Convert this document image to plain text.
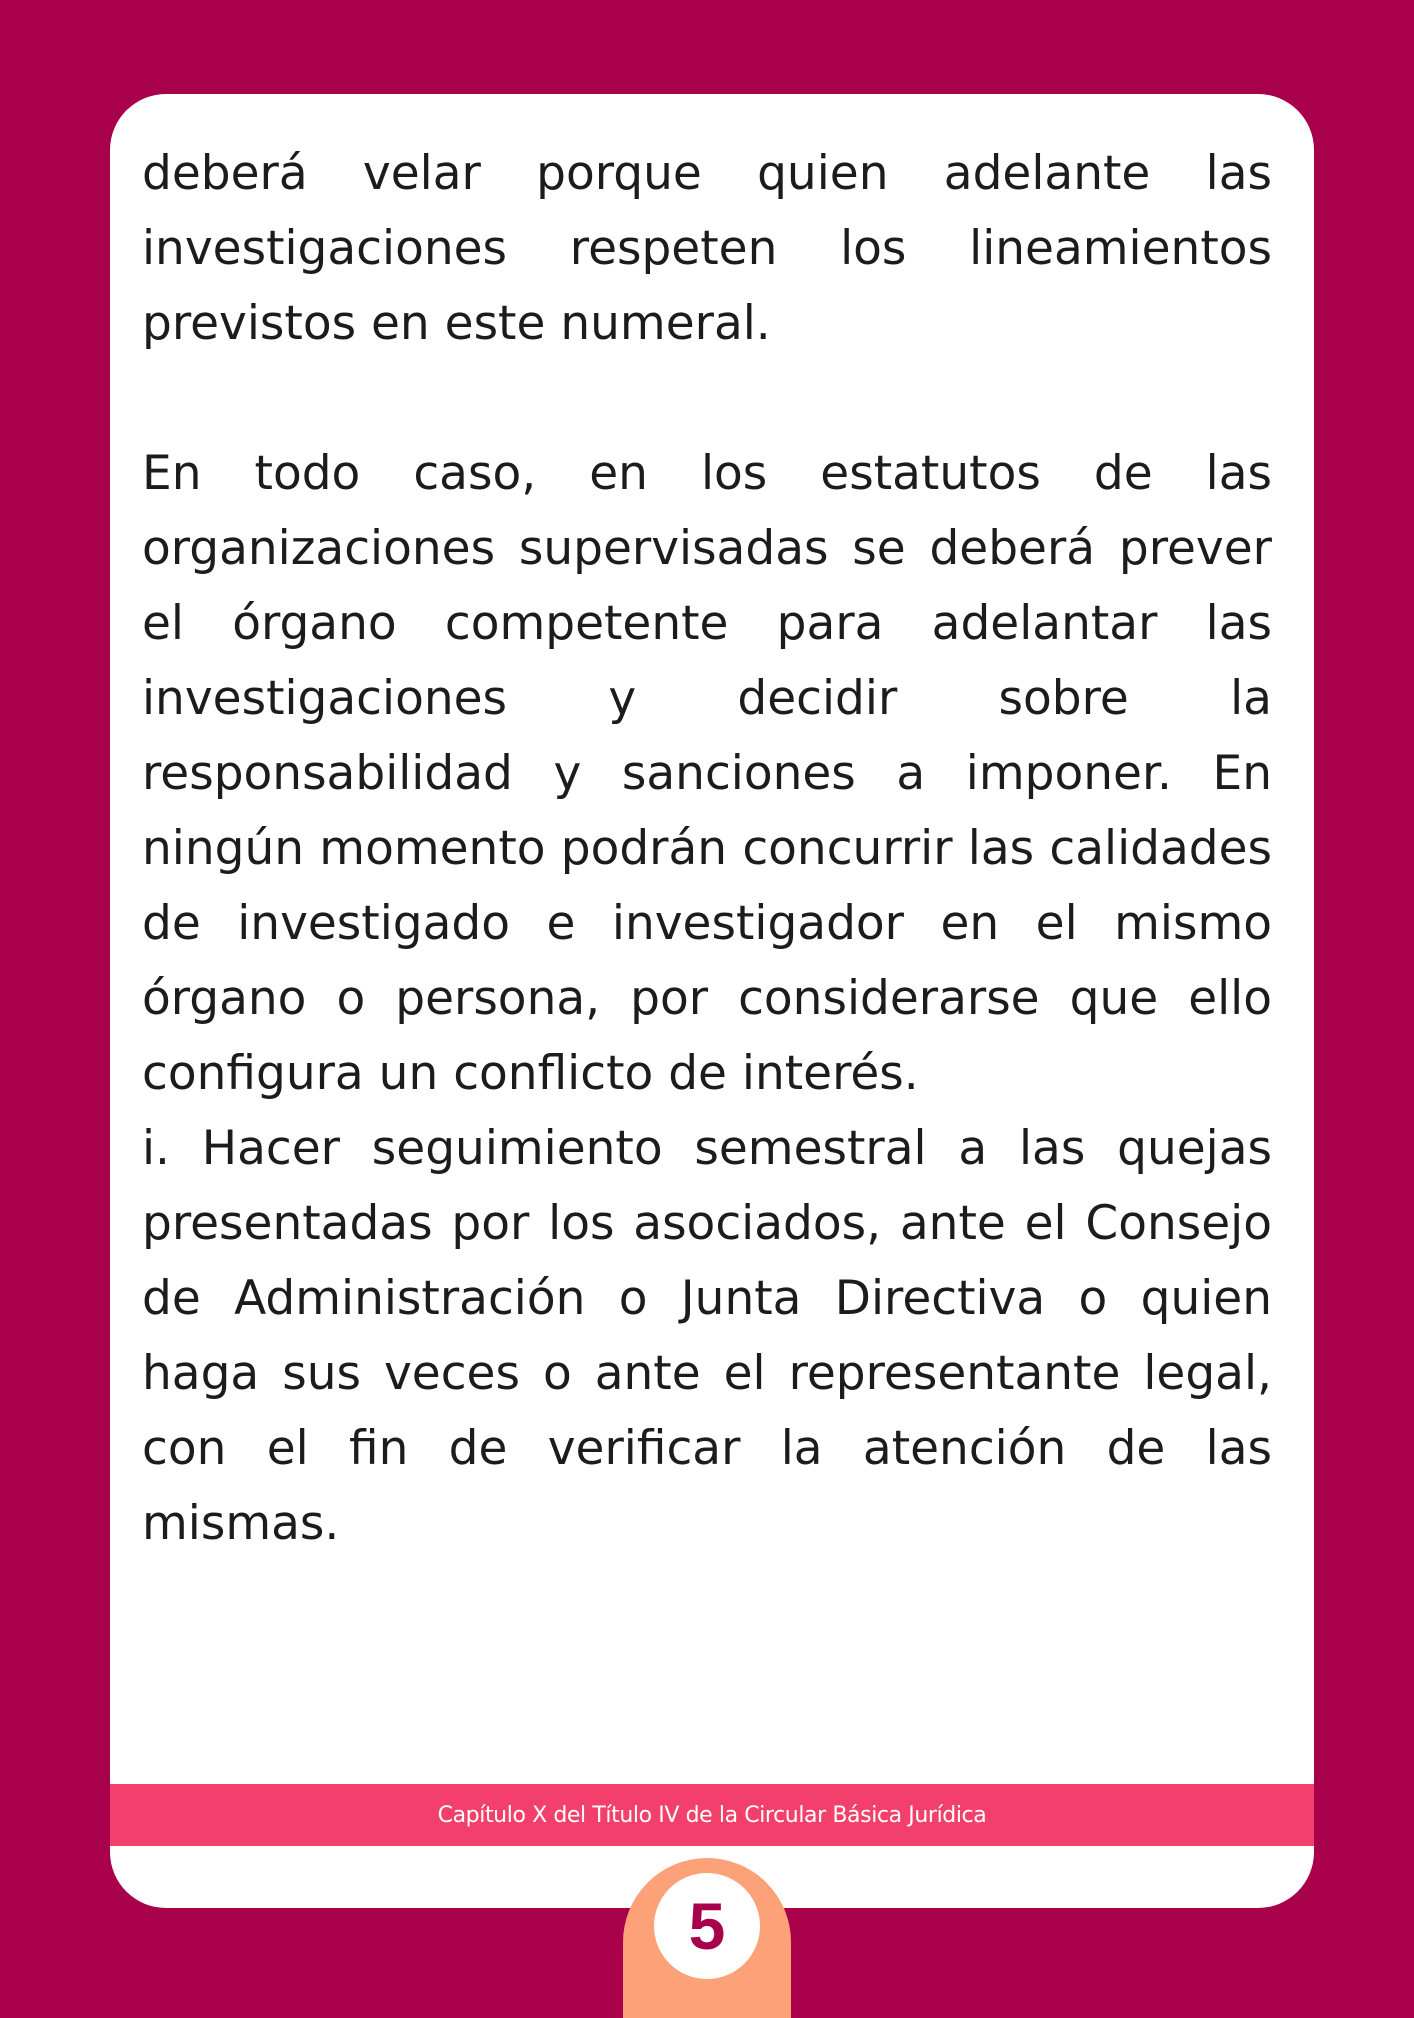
deberá velar porque quien adelante las investigaciones respeten los lineamientos previstos en este numeral.

En todo caso, en los estatutos de las organizaciones supervisadas se deberá prever el órgano competente para adelantar las investigaciones y decidir sobre la responsabilidad y sanciones a imponer. En ningún momento podrán concurrir las calidades de investigado e investigador en el mismo órgano o persona, por considerarse que ello configura un conflicto de interés.

i. Hacer seguimiento semestral a las quejas presentadas por los asociados, ante el Consejo de Administración o Junta Directiva o quien haga sus veces o ante el representante legal, con el fin de verificar la atención de las mismas.

Capítulo X del Título IV de la Circular Básica Jurídica
5
